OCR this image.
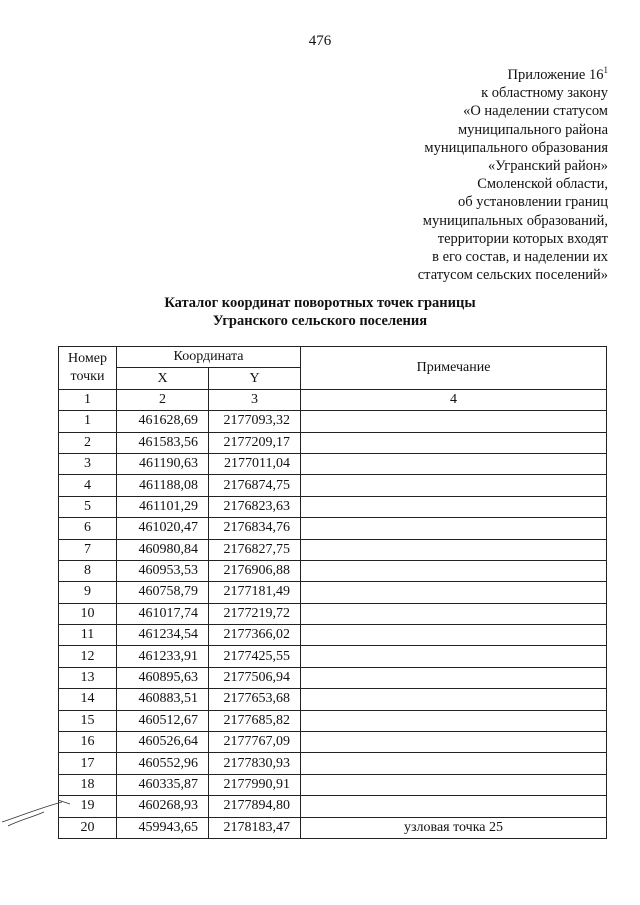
476
Приложение $16^1$
к областному закону
«О наделении статусом
муниципального района
муниципального образования
«Угранский район»
Смоленской области,
об установлении границ
муниципальных образований,
территории которых входят
в его состав, и наделении их
статусом сельских поселений»
Каталог координат поворотных точек границы
Угранского сельского поселения
Номер точки	Координата		Примечание
	X	Y	
1	2	3	4
1	461628,69	2177093,32	
2	461583,56	2177209,17	
3	461190,63	2177011,04	
4	461188,08	2176874,75	
5	461101,29	2176823,63	
6	461020,47	2176834,76	
7	460980,84	2176827,75	
8	460953,53	2176906,88	
9	460758,79	2177181,49	
10	461017,74	2177219,72	
11	461234,54	2177366,02	
12	461233,91	2177425,55	
13	460895,63	2177506,94	
14	460883,51	2177653,68	
15	460512,67	2177685,82	
16	460526,64	2177767,09	
17	460552,96	2177830,93	
18	460335,87	2177990,91	
19	460268,93	2177894,80	
20	459943,65	2178183,47	узловая точка 25
